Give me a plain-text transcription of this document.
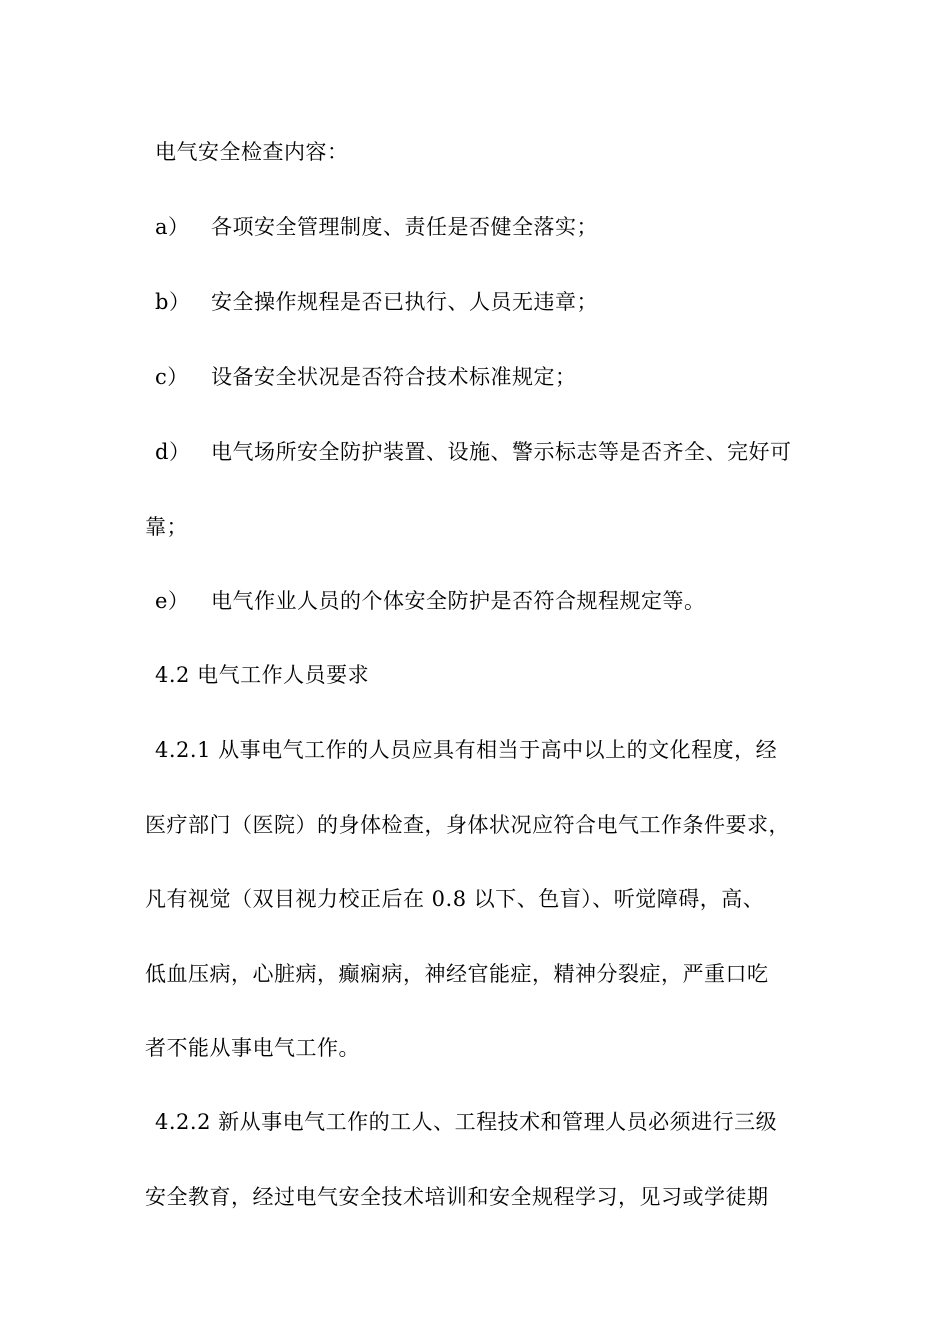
电气安全检查内容：
a） 各项安全管理制度、责任是否健全落实；
b） 安全操作规程是否已执行、人员无违章；
c） 设备安全状况是否符合技术标准规定；
d） 电气场所安全防护装置、设施、警示标志等是否齐全、完好可
靠；
e） 电气作业人员的个体安全防护是否符合规程规定等。
4.2 电气工作人员要求
4.2.1 从事电气工作的人员应具有相当于高中以上的文化程度，经
医疗部门（医院）的身体检查，身体状况应符合电气工作条件要求，
凡有视觉（双目视力校正后在 0.8 以下、色盲）、听觉障碍，高、
低血压病，心脏病，癫痫病，神经官能症，精神分裂症，严重口吃
者不能从事电气工作。
4.2.2 新从事电气工作的工人、工程技术和管理人员必须进行三级
安全教育，经过电气安全技术培训和安全规程学习，见习或学徒期
